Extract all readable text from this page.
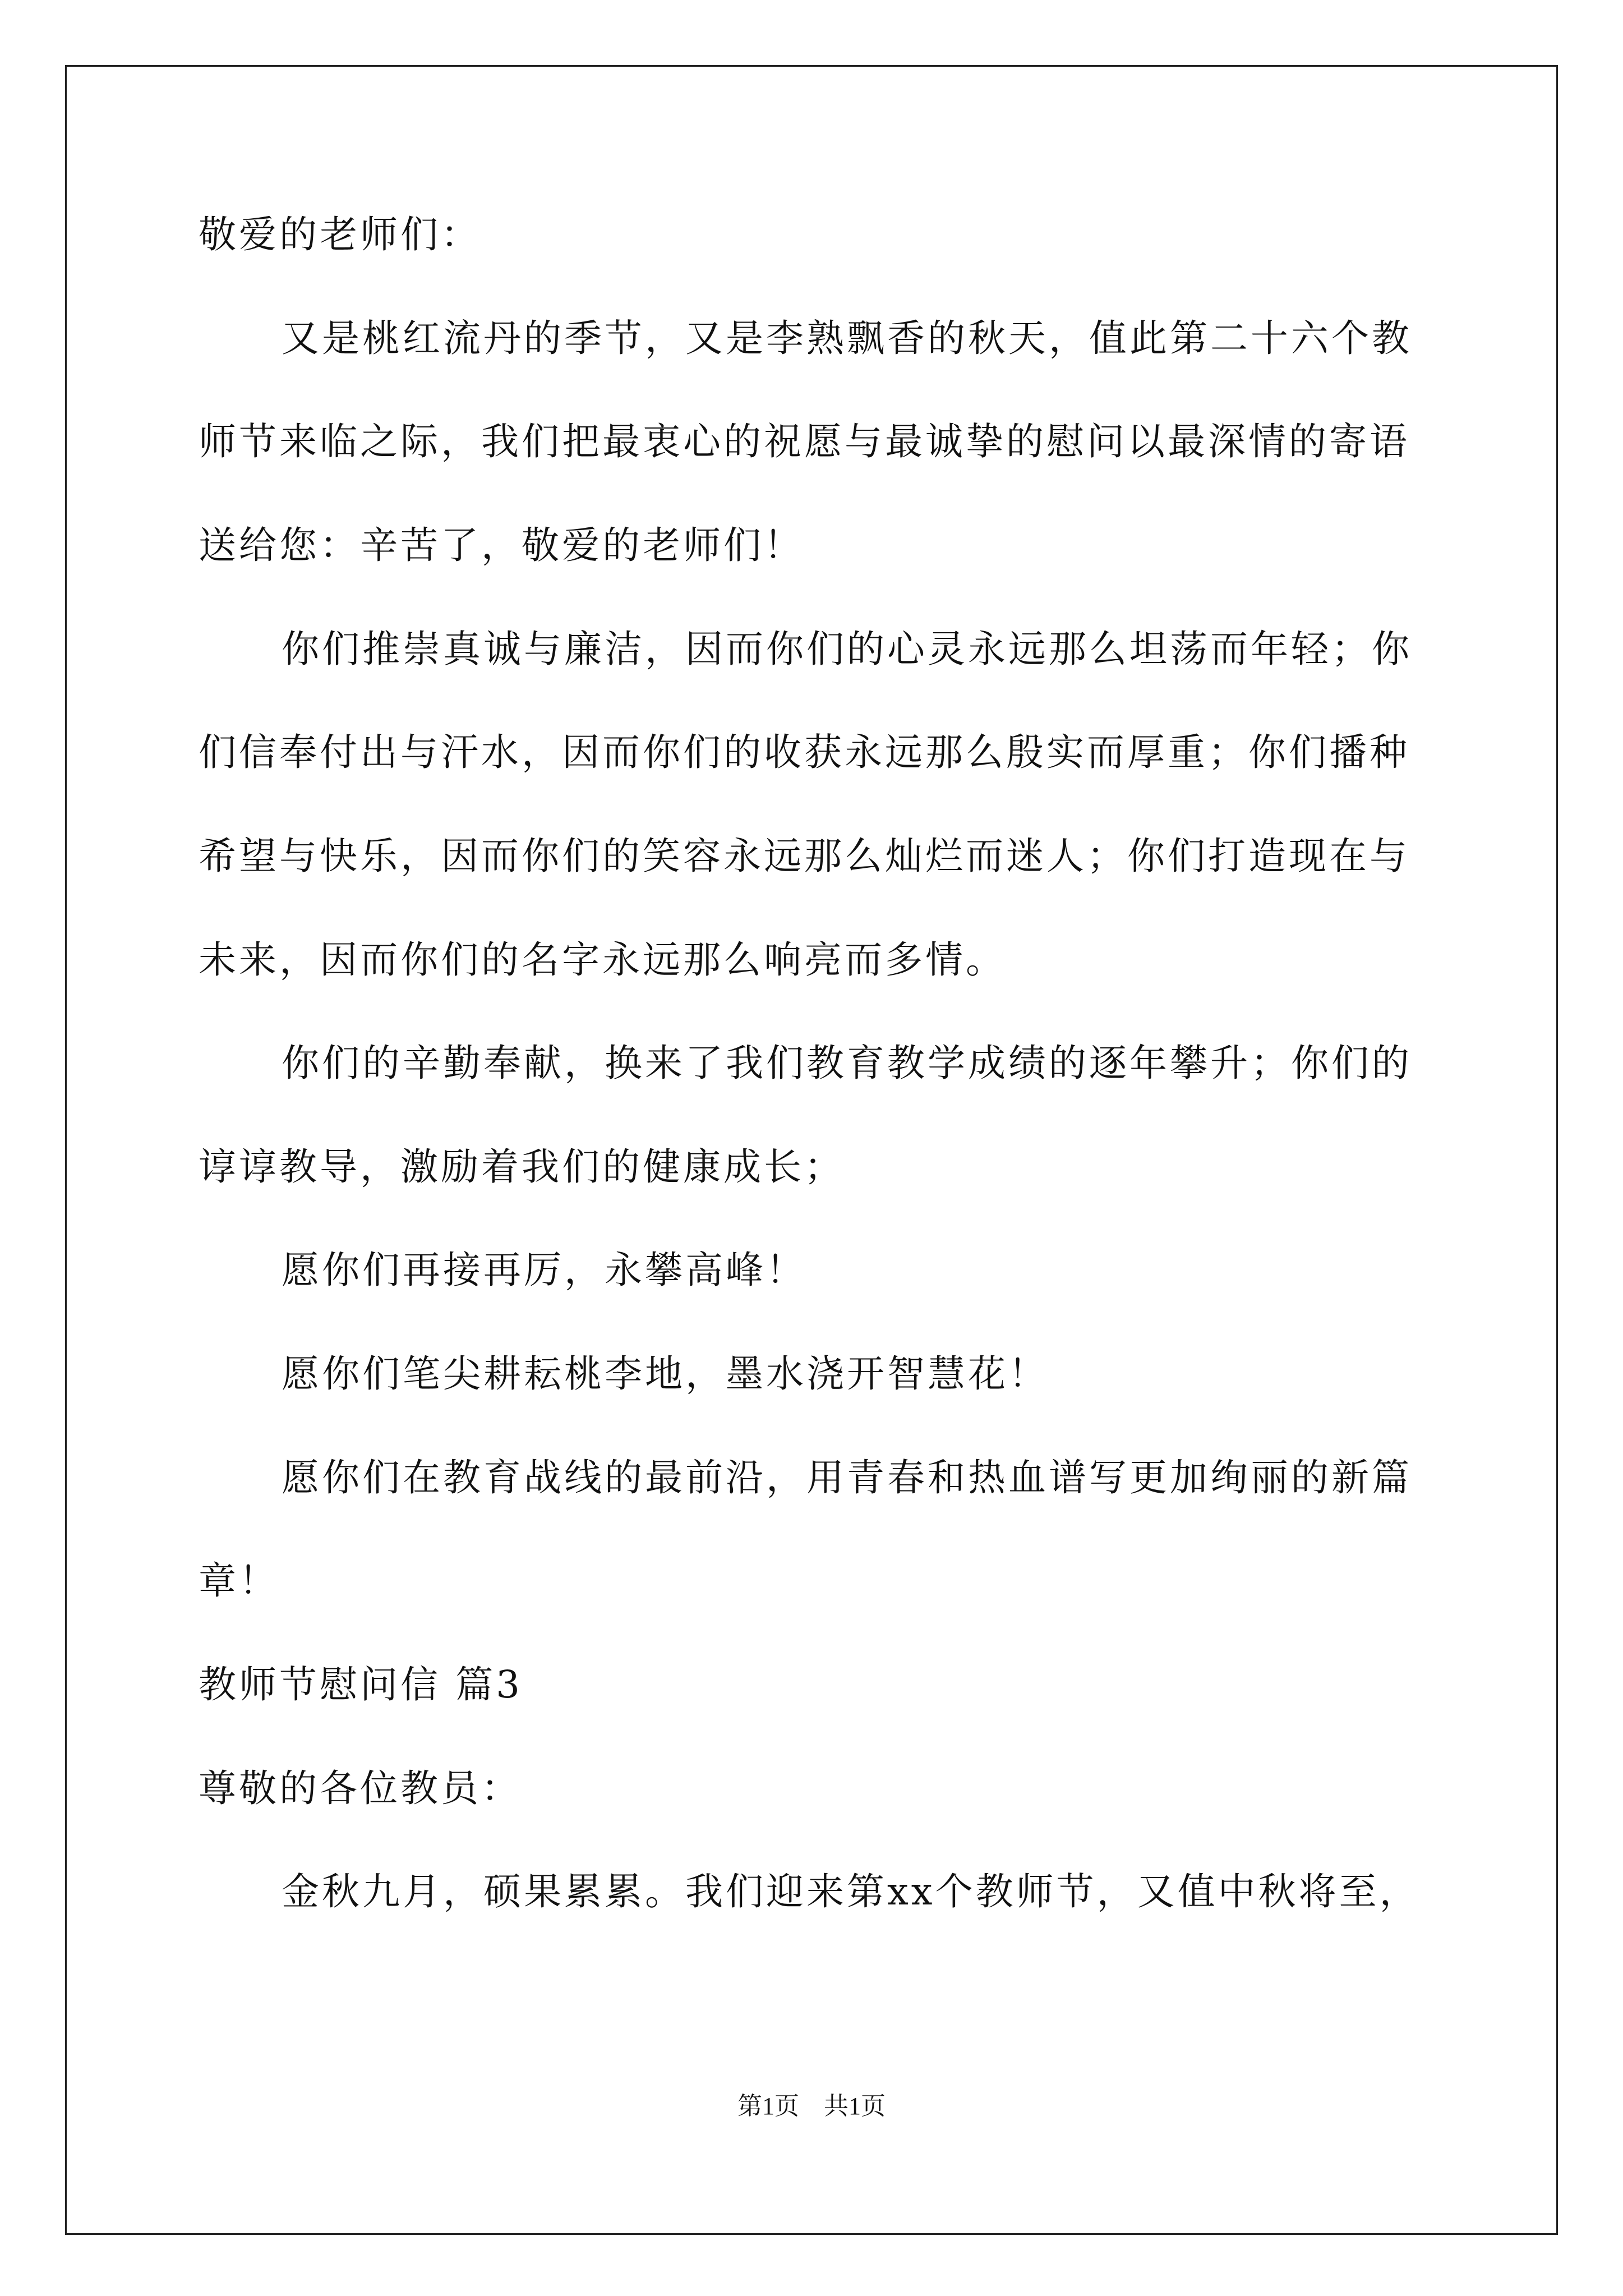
敬爱的老师们：
又是桃红流丹的季节，又是李熟飘香的秋天，值此第二十六个教
师节来临之际，我们把最衷心的祝愿与最诚挚的慰问以最深情的寄语
送给您：辛苦了，敬爱的老师们！
你们推崇真诚与廉洁，因而你们的心灵永远那么坦荡而年轻；你
们信奉付出与汗水，因而你们的收获永远那么殷实而厚重；你们播种
希望与快乐，因而你们的笑容永远那么灿烂而迷人；你们打造现在与
未来，因而你们的名字永远那么响亮而多情。
你们的辛勤奉献，换来了我们教育教学成绩的逐年攀升；你们的
谆谆教导，激励着我们的健康成长；
愿你们再接再厉，永攀高峰！
愿你们笔尖耕耘桃李地，墨水浇开智慧花！
愿你们在教育战线的最前沿，用青春和热血谱写更加绚丽的新篇
章！
教师节慰问信 篇3
尊敬的各位教员：
金秋九月，硕果累累。我们迎来第xx个教师节，又值中秋将至，
第1页　共1页
